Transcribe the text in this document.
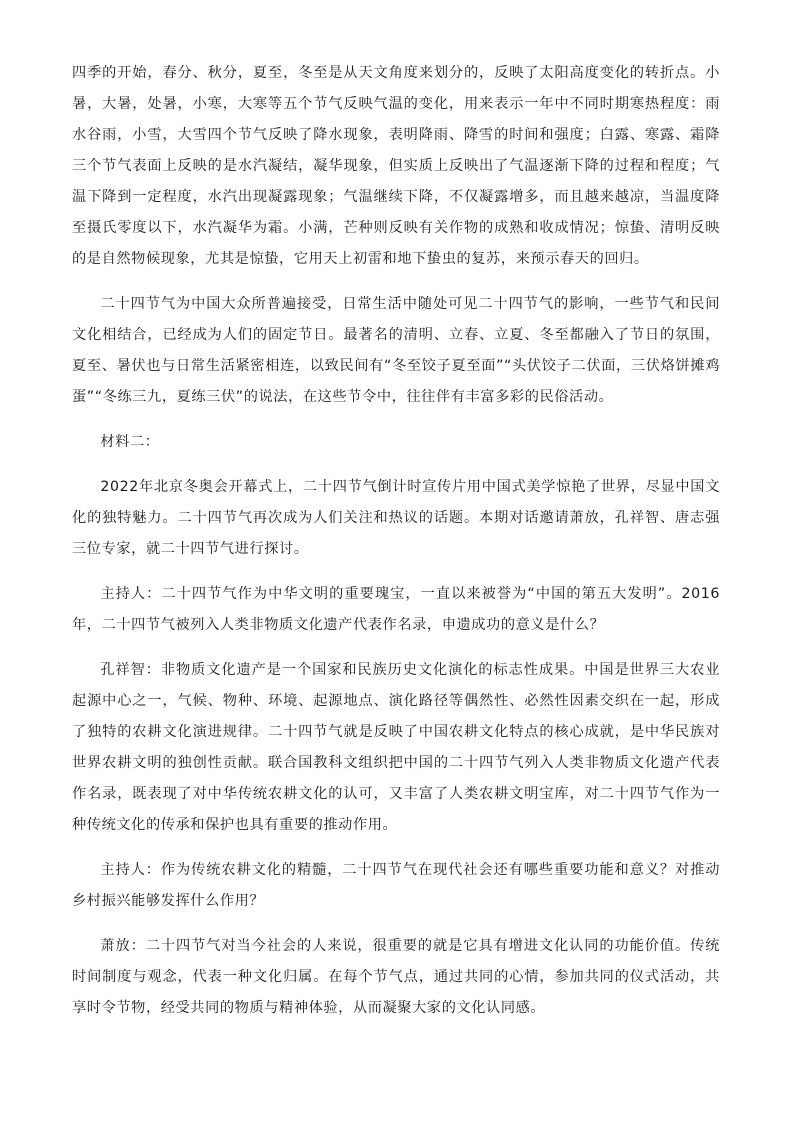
四季的开始，春分、秋分，夏至，冬至是从天文角度来划分的，反映了太阳高度变化的转折点。小暑，大暑，处暑，小寒，大寒等五个节气反映气温的变化，用来表示一年中不同时期寒热程度：雨水谷雨，小雪，大雪四个节气反映了降水现象，表明降雨、降雪的时间和强度；白露、寒露、霜降三个节气表面上反映的是水汽凝结，凝华现象，但实质上反映出了气温逐渐下降的过程和程度；气温下降到一定程度，水汽出现凝露现象；气温继续下降，不仅凝露增多，而且越来越凉，当温度降至摄氏零度以下，水汽凝华为霜。小满，芒种则反映有关作物的成熟和收成情况；惊蛰、清明反映的是自然物候现象，尤其是惊蛰，它用天上初雷和地下蛰虫的复苏，来预示春天的回归。

二十四节气为中国大众所普遍接受，日常生活中随处可见二十四节气的影响，一些节气和民间文化相结合，已经成为人们的固定节日。最著名的清明、立春、立夏、冬至都融入了节日的氛围，夏至、暑伏也与日常生活紧密相连，以致民间有“冬至饺子夏至面”“头伏饺子二伏面，三伏烙饼摊鸡蛋”“冬练三九，夏练三伏”的说法，在这些节令中，往往伴有丰富多彩的民俗活动。

材料二：

2022年北京冬奥会开幕式上，二十四节气倒计时宣传片用中国式美学惊艳了世界，尽显中国文化的独特魅力。二十四节气再次成为人们关注和热议的话题。本期对话邀请萧放，孔祥智、唐志强三位专家，就二十四节气进行探讨。

主持人：二十四节气作为中华文明的重要瑰宝，一直以来被誉为“中国的第五大发明”。2016年，二十四节气被列入人类非物质文化遗产代表作名录，申遗成功的意义是什么？

孔祥智：非物质文化遗产是一个国家和民族历史文化演化的标志性成果。中国是世界三大农业起源中心之一，气候、物种、环境、起源地点、演化路径等偶然性、必然性因素交织在一起，形成了独特的农耕文化演进规律。二十四节气就是反映了中国农耕文化特点的核心成就，是中华民族对世界农耕文明的独创性贡献。联合国教科文组织把中国的二十四节气列入人类非物质文化遗产代表作名录，既表现了对中华传统农耕文化的认可，又丰富了人类农耕文明宝库，对二十四节气作为一种传统文化的传承和保护也具有重要的推动作用。

主持人：作为传统农耕文化的精髓，二十四节气在现代社会还有哪些重要功能和意义？对推动乡村振兴能够发挥什么作用？

萧放：二十四节气对当今社会的人来说，很重要的就是它具有增进文化认同的功能价值。传统时间制度与观念，代表一种文化归属。在每个节气点，通过共同的心情，参加共同的仪式活动，共享时令节物，经受共同的物质与精神体验，从而凝聚大家的文化认同感。
